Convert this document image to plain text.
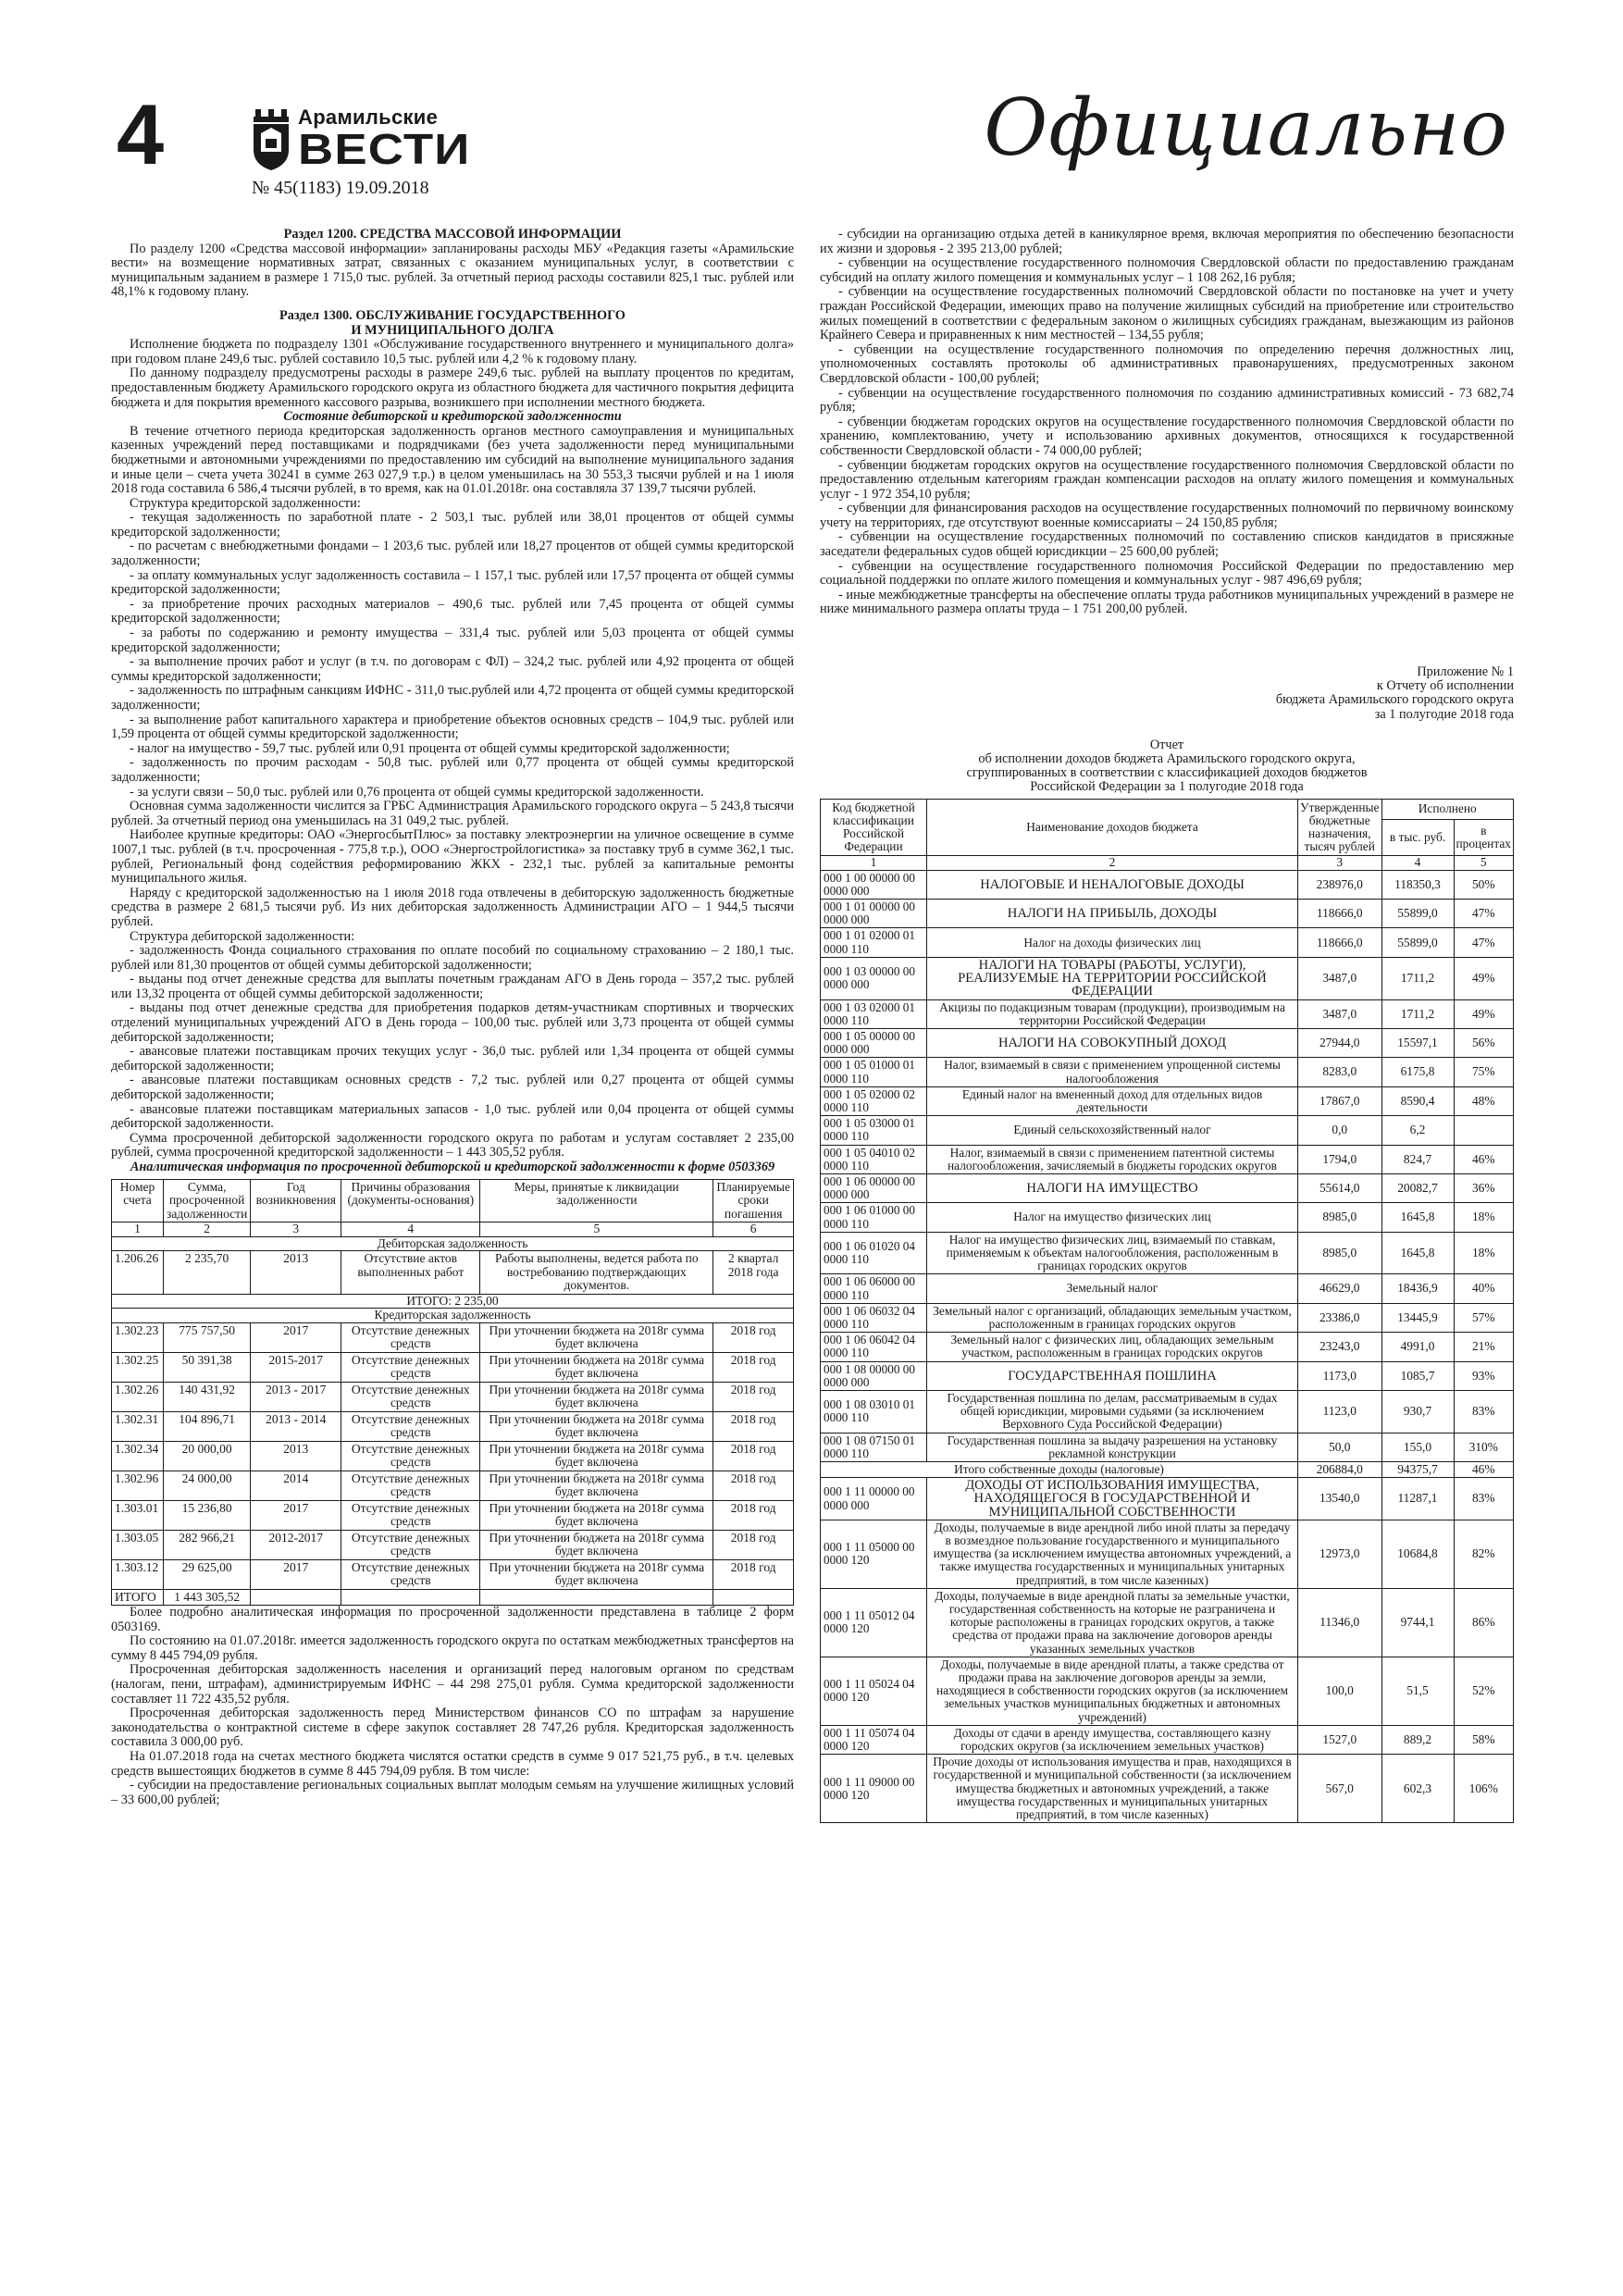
4	Арамильские
ВЕСТИ
№ 45(1183) 19.09.2018
Официально

Раздел 1200. СРЕДСТВА МАССОВОЙ ИНФОРМАЦИИ

По разделу 1200 «Средства массовой информации» запланированы расходы МБУ «Редакция газеты «Арамильские вести» на возмещение нормативных затрат, связанных с оказанием муниципальных услуг, в соответствии с муниципальным заданием в размере 1 715,0 тыс. рублей. За отчетный период расходы составили 825,1 тыс. рублей или 48,1% к годовому плану.

Раздел 1300. ОБСЛУЖИВАНИЕ ГОСУДАРСТВЕННОГО

И МУНИЦИПАЛЬНОГО ДОЛГА

Исполнение бюджета по подразделу 1301 «Обслуживание государственного внутреннего и муниципального долга» при годовом плане 249,6 тыс. рублей составило 10,5 тыс. рублей или 4,2 % к годовому плану.

По данному подразделу предусмотрены расходы в размере 249,6 тыс. рублей на выплату процентов по кредитам, предоставленным бюджету Арамильского городского округа из областного бюджета для частичного покрытия дефицита бюджета и для покрытия временного кассового разрыва, возникшего при исполнении местного бюджета.

Состояние дебиторской и кредиторской задолженности

В течение отчетного периода кредиторская задолженность органов местного самоуправления и муниципальных казенных учреждений перед поставщиками и подрядчиками (без учета задолженности перед муниципальными бюджетными и автономными учреждениями по предоставлению им субсидий на выполнение муниципального задания и иные цели – счета учета 30241 в сумме 263 027,9 т.р.) в целом уменьшилась на 30 553,3 тысячи рублей и на 1 июля 2018 года составила 6 586,4 тысячи рублей, в то время, как на 01.01.2018г. она составляла 37 139,7 тысячи рублей.

Структура кредиторской задолженности:

- текущая задолженность по заработной плате - 2 503,1 тыс. рублей или 38,01 процентов от общей суммы кредиторской задолженности;

- по расчетам с внебюджетными фондами – 1 203,6 тыс. рублей или 18,27 процентов от общей суммы кредиторской задолженности;

- за оплату коммунальных услуг задолженность составила – 1 157,1 тыс. рублей или 17,57 процента от общей суммы кредиторской задолженности;

- за приобретение прочих расходных материалов – 490,6 тыс. рублей или 7,45 процента от общей суммы кредиторской задолженности;

- за работы по содержанию и ремонту имущества – 331,4 тыс. рублей или 5,03 процента от общей суммы кредиторской задолженности;

- за выполнение прочих работ и услуг (в т.ч. по договорам с ФЛ) – 324,2 тыс. рублей или 4,92 процента от общей суммы кредиторской задолженности;

- задолженность по штрафным санкциям ИФНС - 311,0 тыс.рублей или 4,72 процента от общей суммы кредиторской задолженности;

- за выполнение работ капитального характера и приобретение объектов основных средств – 104,9 тыс. рублей или 1,59 процента от общей суммы кредиторской задолженности;

- налог на имущество - 59,7 тыс. рублей или 0,91 процента от общей суммы кредиторской задолженности;

- задолженность по прочим расходам - 50,8 тыс. рублей или 0,77 процента от общей суммы кредиторской задолженности;

- за услуги связи – 50,0 тыс. рублей или 0,76 процента от общей суммы кредиторской задолженности.

Основная сумма задолженности числится за ГРБС Администрация Арамильского городского округа – 5 243,8 тысячи рублей. За отчетный период она уменьшилась на 31 049,2 тыс. рублей.

Наиболее крупные кредиторы: ОАО «ЭнергосбытПлюс» за поставку электроэнергии на уличное освещение в сумме 1007,1 тыс. рублей (в т.ч. просроченная - 775,8 т.р.), ООО «Энергостройлогистика» за поставку труб в сумме 362,1 тыс. рублей, Региональный фонд содействия реформированию ЖКХ - 232,1 тыс. рублей за капитальные ремонты муниципального жилья.

Наряду с кредиторской задолженностью на 1 июля 2018 года отвлечены в дебиторскую задолженность бюджетные средства в размере 2 681,5 тысячи руб. Из них дебиторская задолженность Администрации АГО – 1 944,5 тысячи рублей.

Структура дебиторской задолженности:

- задолженность Фонда социального страхования по оплате пособий по социальному страхованию – 2 180,1 тыс. рублей или 81,30 процентов от общей суммы дебиторской задолженности;

- выданы под отчет денежные средства для выплаты почетным гражданам АГО в День города – 357,2 тыс. рублей или 13,32 процента от общей суммы дебиторской задолженности;

- выданы под отчет денежные средства для приобретения подарков детям-участникам спортивных и творческих отделений муниципальных учреждений АГО в День города – 100,00 тыс. рублей или 3,73 процента от общей суммы дебиторской задолженности;

- авансовые платежи поставщикам прочих текущих услуг - 36,0 тыс. рублей или 1,34 процента от общей суммы дебиторской задолженности;

- авансовые платежи поставщикам основных средств - 7,2 тыс. рублей или 0,27 процента от общей суммы дебиторской задолженности;

- авансовые платежи поставщикам материальных запасов - 1,0 тыс. рублей или 0,04 процента от общей суммы дебиторской задолженности.

Сумма просроченной дебиторской задолженности городского округа по работам и услугам составляет 2 235,00 рублей, сумма просроченной кредиторской задолженности – 1 443 305,52 рубля.

Аналитическая информация по просроченной дебиторской и кредиторской задолженности к форме 0503369

Номер счета	Сумма, просроченной задолженности	Год возникновения	Причины образования (документы-основания)	Меры, принятые к ликвидации задолженности	Планируемые сроки погашения
1	2	3	4	5	6
Дебиторская задолженность					
1.206.26	2 235,70	2013	Отсутствие актов выполненных работ	Работы выполнены, ведется работа по востребованию подтверждающих документов.	2 квартал 2018 года
ИТОГО: 2 235,00					
Кредиторская задолженность					
1.302.23	775 757,50	2017	Отсутствие денежных средств	При уточнении бюджета на 2018г сумма будет включена	2018 год
1.302.25	50 391,38	2015-2017	Отсутствие денежных средств	При уточнении бюджета на 2018г сумма будет включена	2018 год
1.302.26	140 431,92	2013 - 2017	Отсутствие денежных средств	При уточнении бюджета на 2018г сумма будет включена	2018 год
1.302.31	104 896,71	2013 - 2014	Отсутствие денежных средств	При уточнении бюджета на 2018г сумма будет включена	2018 год
1.302.34	20 000,00	2013	Отсутствие денежных средств	При уточнении бюджета на 2018г сумма будет включена	2018 год
1.302.96	24 000,00	2014	Отсутствие денежных средств	При уточнении бюджета на 2018г сумма будет включена	2018 год
1.303.01	15 236,80	2017	Отсутствие денежных средств	При уточнении бюджета на 2018г сумма будет включена	2018 год
1.303.05	282 966,21	2012-2017	Отсутствие денежных средств	При уточнении бюджета на 2018г сумма будет включена	2018 год
1.303.12	29 625,00	2017	Отсутствие денежных средств	При уточнении бюджета на 2018г сумма будет включена	2018 год
ИТОГО	1 443 305,52				

Более подробно аналитическая информация по просроченной задолженности представлена в таблице 2 форм 0503169.

По состоянию на 01.07.2018г. имеется задолженность городского округа по остаткам межбюджетных трансфертов на сумму 8 445 794,09 рубля.

Просроченная дебиторская задолженность населения и организаций перед налоговым органом по средствам (налогам, пени, штрафам), администрируемым ИФНС – 44 298 275,01 рубля. Сумма кредиторской задолженности составляет 11 722 435,52 рубля.

Просроченная дебиторская задолженность перед Министерством финансов СО по штрафам за нарушение законодательства о контрактной системе в сфере закупок составляет 28 747,26 рубля. Кредиторская задолженность составила 3 000,00 руб.

На 01.07.2018 года на счетах местного бюджета числятся остатки средств в сумме 9 017 521,75 руб., в т.ч. целевых средств вышестоящих бюджетов в сумме 8 445 794,09 рубля. В том числе:

- субсидии на предоставление региональных социальных выплат молодым семьям на улучшение жилищных условий – 33 600,00 рублей;

- субсидии на организацию отдыха детей в каникулярное время, включая мероприятия по обеспечению безопасности их жизни и здоровья - 2 395 213,00 рублей;

- субвенции на осуществление государственного полномочия Свердловской области по предоставлению гражданам субсидий на оплату жилого помещения и коммунальных услуг – 1 108 262,16 рубля;

- субвенции на осуществление государственных полномочий Свердловской области по постановке на учет и учету граждан Российской Федерации, имеющих право на получение жилищных субсидий на приобретение или строительство жилых помещений в соответствии с федеральным законом о жилищных субсидиях гражданам, выезжающим из районов Крайнего Севера и приравненных к ним местностей – 134,55 рубля;

- субвенции на осуществление государственного полномочия по определению перечня должностных лиц, уполномоченных составлять протоколы об административных правонарушениях, предусмотренных законом Свердловской области - 100,00 рублей;

- субвенции на осуществление государственного полномочия по созданию административных комиссий - 73 682,74 рубля;

- субвенции бюджетам городских округов на осуществление государственного полномочия Свердловской области по хранению, комплектованию, учету и использованию архивных документов, относящихся к государственной собственности Свердловской области - 74 000,00 рублей;

- субвенции бюджетам городских округов на осуществление государственного полномочия Свердловской области по предоставлению отдельным категориям граждан компенсации расходов на оплату жилого помещения и коммунальных услуг - 1 972 354,10 рубля;

- субвенции для финансирования расходов на осуществление государственных полномочий по первичному воинскому учету на территориях, где отсутствуют военные комиссариаты – 24 150,85 рубля;

- субвенции на осуществление государственных полномочий по составлению списков кандидатов в присяжные заседатели федеральных судов общей юрисдикции – 25 600,00 рублей;

- субвенции на осуществление государственного полномочия Российской Федерации по предоставлению мер социальной поддержки по оплате жилого помещения и коммунальных услуг - 987 496,69 рубля;

- иные межбюджетные трансферты на обеспечение оплаты труда работников муниципальных учреждений в размере не ниже минимального размера оплаты труда – 1 751 200,00 рублей.

Приложение № 1
к Отчету об исполнении
бюджета Арамильского городского округа
за 1 полугодие 2018 года
Отчет
об исполнении доходов бюджета Арамильского городского округа,
сгруппированных в соответствии с классификацией доходов бюджетов
Российской Федерации за 1 полугодие 2018 года
Код бюджетной классификации Российской Федерации	Наименование доходов бюджета	Утвержденные бюджетные назначения, тысяч рублей	Исполнено	
			в тыс. руб.	в процентах
1	2	3	4	5
000 1 00 00000 00 0000 000	НАЛОГОВЫЕ И НЕНАЛОГОВЫЕ ДОХОДЫ	238976,0	118350,3	50%
000 1 01 00000 00 0000 000	НАЛОГИ НА ПРИБЫЛЬ, ДОХОДЫ	118666,0	55899,0	47%
000 1 01 02000 01 0000 110	Налог на доходы физических лиц	118666,0	55899,0	47%
000 1 03 00000 00 0000 000	НАЛОГИ НА ТОВАРЫ (РАБОТЫ, УСЛУГИ), РЕАЛИЗУЕМЫЕ НА ТЕРРИТОРИИ РОССИЙСКОЙ ФЕДЕРАЦИИ	3487,0	1711,2	49%
000 1 03 02000 01 0000 110	Акцизы по подакцизным товарам (продукции), производимым на территории Российской Федерации	3487,0	1711,2	49%
000 1 05 00000 00 0000 000	НАЛОГИ НА СОВОКУПНЫЙ ДОХОД	27944,0	15597,1	56%
000 1 05 01000 01 0000 110	Налог, взимаемый в связи с применением упрощенной системы налогообложения	8283,0	6175,8	75%
000 1 05 02000 02 0000 110	Единый налог на вмененный доход для отдельных видов деятельности	17867,0	8590,4	48%
000 1 05 03000 01 0000 110	Единый сельскохозяйственный налог	0,0	6,2	
000 1 05 04010 02 0000 110	Налог, взимаемый в связи с применением патентной системы налогообложения, зачисляемый в бюджеты городских округов	1794,0	824,7	46%
000 1 06 00000 00 0000 000	НАЛОГИ НА ИМУЩЕСТВО	55614,0	20082,7	36%
000 1 06 01000 00 0000 110	Налог на имущество физических лиц	8985,0	1645,8	18%
000 1 06 01020 04 0000 110	Налог на имущество физических лиц, взимаемый по ставкам, применяемым к объектам налогообложения, расположенным в границах городских округов	8985,0	1645,8	18%
000 1 06 06000 00 0000 110	Земельный налог	46629,0	18436,9	40%
000 1 06 06032 04 0000 110	Земельный налог с организаций, обладающих земельным участком, расположенным в границах городских округов	23386,0	13445,9	57%
000 1 06 06042 04 0000 110	Земельный налог с физических лиц, обладающих земельным участком, расположенным в границах городских округов	23243,0	4991,0	21%
000 1 08 00000 00 0000 000	ГОСУДАРСТВЕННАЯ ПОШЛИНА	1173,0	1085,7	93%
000 1 08 03010 01 0000 110	Государственная пошлина по делам, рассматриваемым в судах общей юрисдикции, мировыми судьями (за исключением Верховного Суда Российской Федерации)	1123,0	930,7	83%
000 1 08 07150 01 0000 110	Государственная пошлина за выдачу разрешения на установку рекламной конструкции	50,0	155,0	310%
Итого собственные доходы (налоговые)		206884,0	94375,7	46%
000 1 11 00000 00 0000 000	ДОХОДЫ ОТ ИСПОЛЬЗОВАНИЯ ИМУЩЕСТВА, НАХОДЯЩЕГОСЯ В ГОСУДАРСТВЕННОЙ И МУНИЦИПАЛЬНОЙ СОБСТВЕННОСТИ	13540,0	11287,1	83%
000 1 11 05000 00 0000 120	Доходы, получаемые в виде арендной либо иной платы за передачу в возмездное пользование государственного и муниципального имущества (за исключением имущества автономных учреждений, а также имущества государственных и муниципальных унитарных предприятий, в том числе казенных)	12973,0	10684,8	82%
000 1 11 05012 04 0000 120	Доходы, получаемые в виде арендной платы за земельные участки, государственная собственность на которые не разграничена и которые расположены в границах городских округов, а также средства от продажи права на заключение договоров аренды указанных земельных участков	11346,0	9744,1	86%
000 1 11 05024 04 0000 120	Доходы, получаемые в виде арендной платы, а также средства от продажи права на заключение договоров аренды за земли, находящиеся в собственности городских округов (за исключением земельных участков муниципальных бюджетных и автономных учреждений)	100,0	51,5	52%
000 1 11 05074 04 0000 120	Доходы от сдачи в аренду имущества, составляющего казну городских округов (за исключением земельных участков)	1527,0	889,2	58%
000 1 11 09000 00 0000 120	Прочие доходы от использования имущества и прав, находящихся в государственной и муниципальной собственности (за исключением имущества бюджетных и автономных учреждений, а также имущества государственных и муниципальных унитарных предприятий, в том числе казенных)	567,0	602,3	106%
